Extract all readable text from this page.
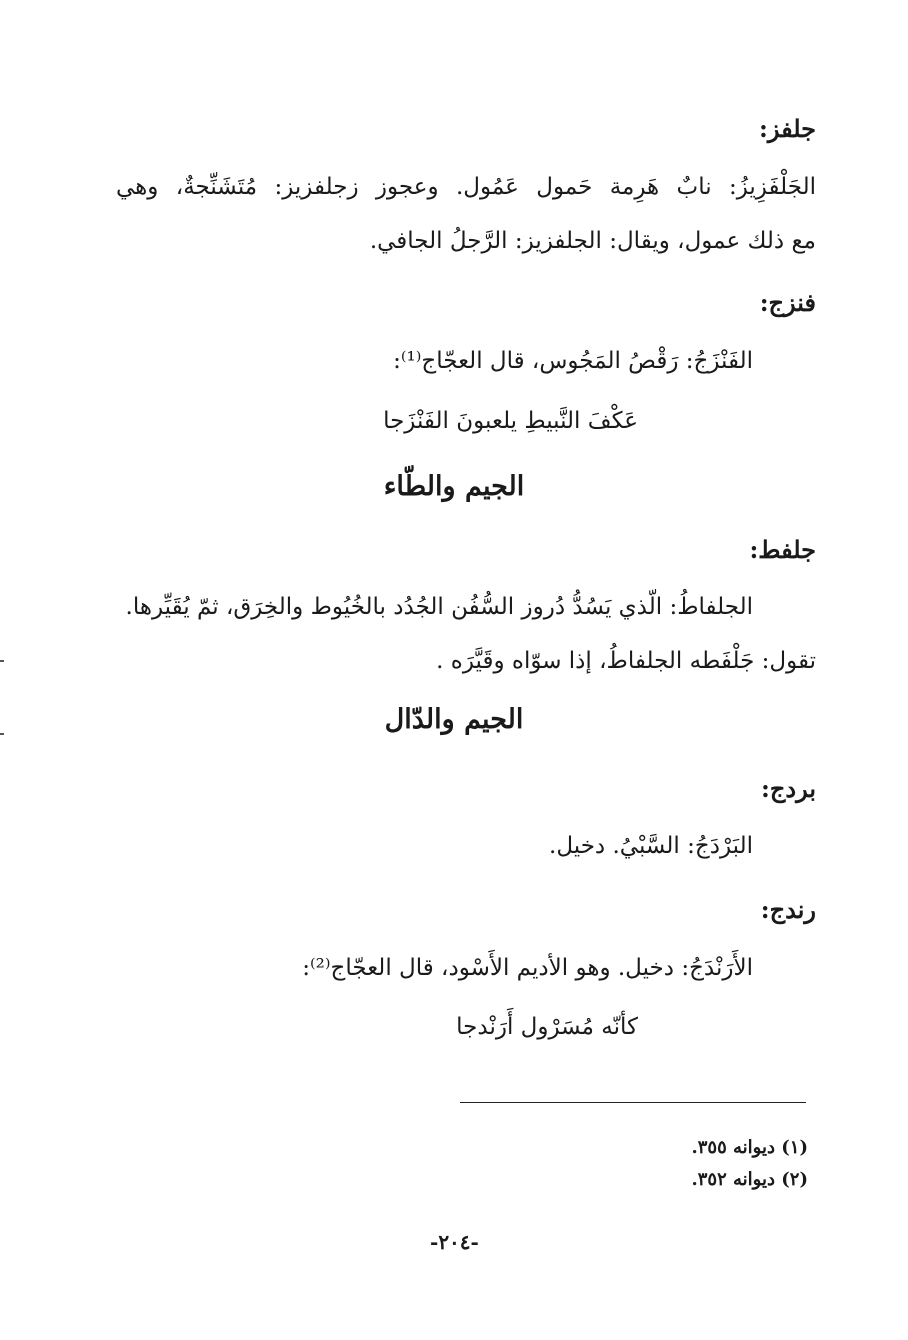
جلفز:
الجَلْفَزِيزُ: نابٌ هَرِمة حَمول عَمُول. وعجوز زجلفزيز: مُتَشَنِّجةٌ، وهي
مع ذلك عمول، ويقال: الجلفزيز: الرَّجلُ الجافي.
فنزج:
الفَنْزَجُ: رَقْصُ المَجُوس، قال العجّاج⁽¹⁾:
عَكْفَ النَّبيطِ يلعبونَ الفَنْزَجا
الجيم والطّاء
جلفط:
الجلفاطُ: الّذي يَسُدُّ دُروز السُّفُن الجُدُد بالخُيُوط والخِرَق، ثمّ يُقَيِّرها.
تقول: جَلْفَطه الجلفاطُ، إذا سوّاه وقَيَّرَه .
الجيم والدّال
بردج:
البَرْدَجُ: السَّبْيُ. دخيل.
رندج:
الأَرَنْدَجُ: دخيل. وهو الأديم الأَسْود، قال العجّاج⁽²⁾:
كأنّه مُسَرْول أَرَنْدجا
(١) ديوانه ٣٥٥.
(٢) ديوانه ٣٥٢.
-٢٠٤-
